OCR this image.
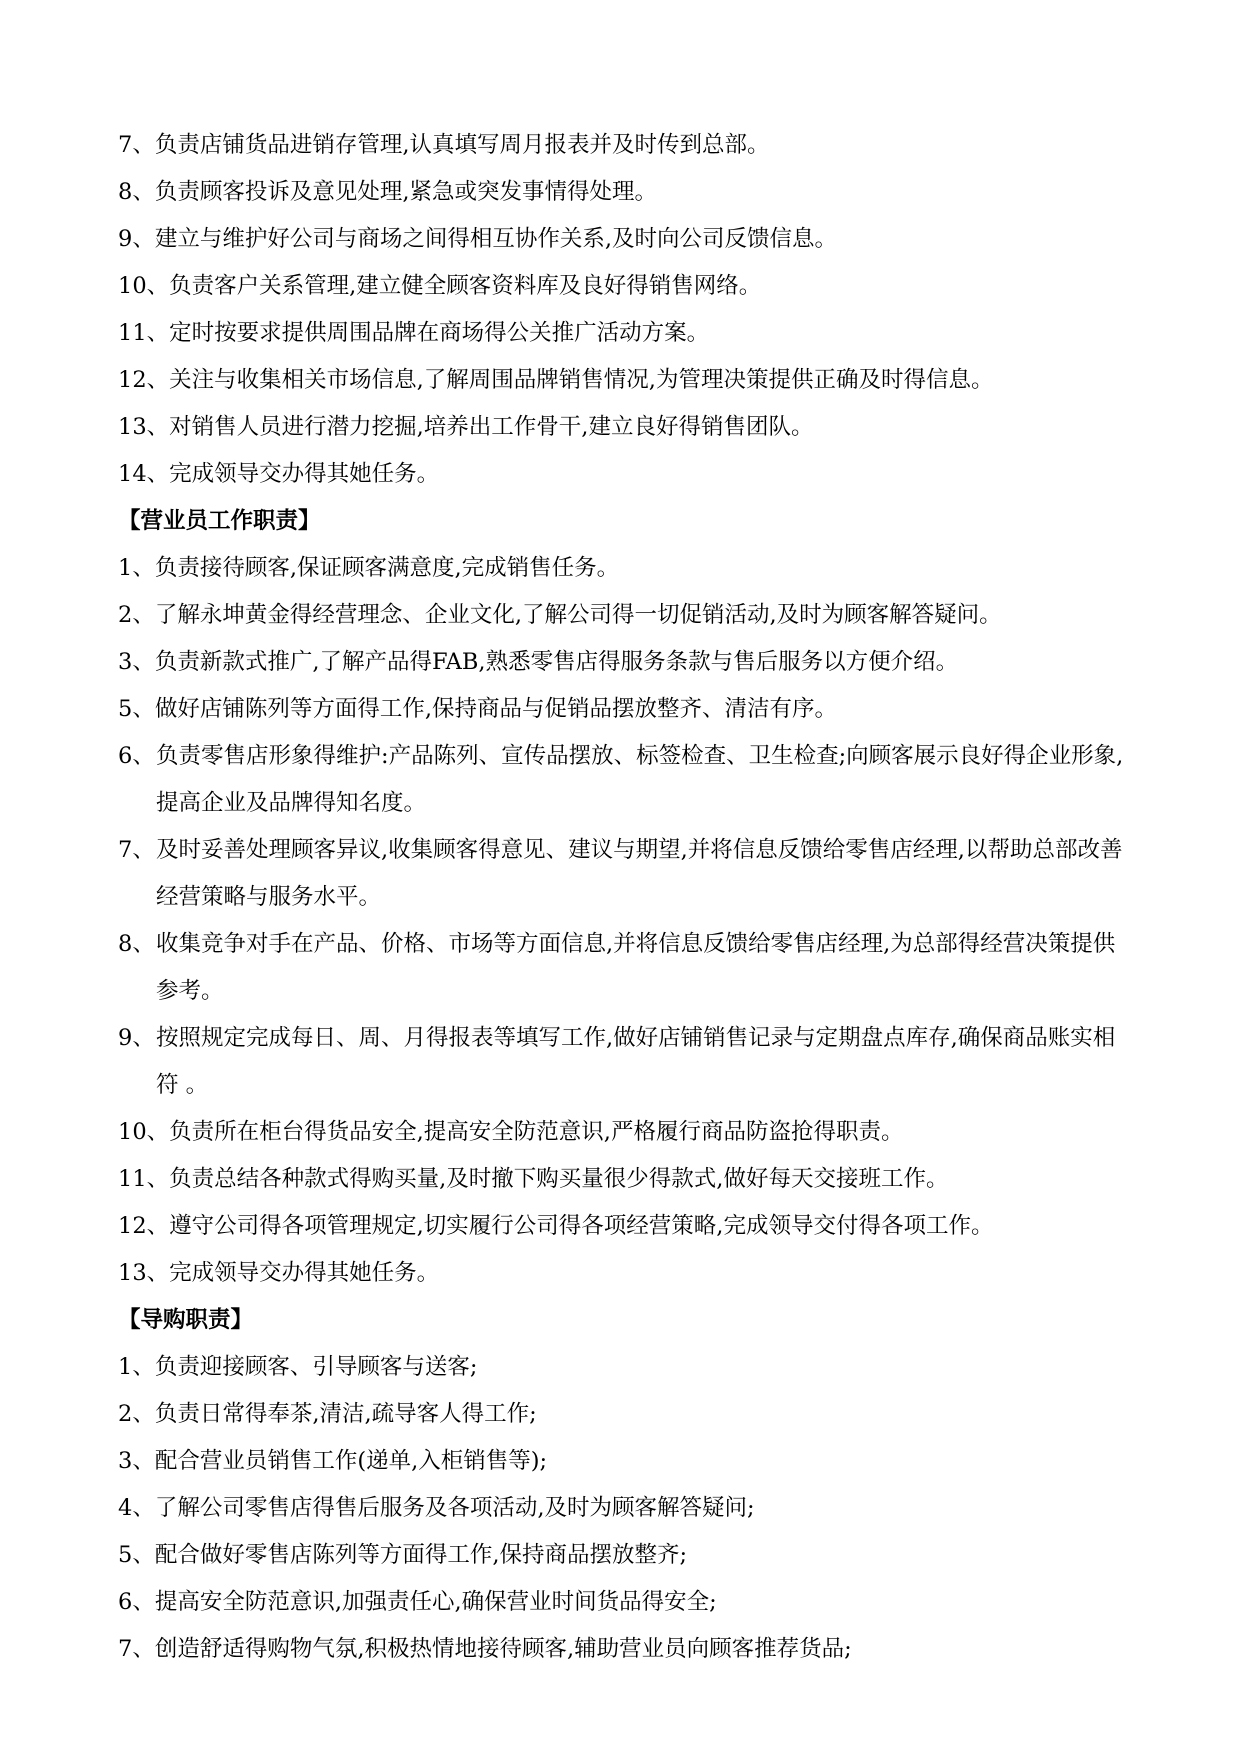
7、 负责店铺货品进销存管理,认真填写周月报表并及时传到总部。
8、 负责顾客投诉及意见处理,紧急或突发事情得处理。
9、 建立与维护好公司与商场之间得相互协作关系,及时向公司反馈信息。
10、 负责客户关系管理,建立健全顾客资料库及良好得销售网络。
11、 定时按要求提供周围品牌在商场得公关推广活动方案。
12、 关注与收集相关市场信息,了解周围品牌销售情况,为管理决策提供正确及时得信息。
13、 对销售人员进行潜力挖掘,培养出工作骨干,建立良好得销售团队。
14、 完成领导交办得其她任务。
【营业员工作职责】
1、 负责接待顾客,保证顾客满意度,完成销售任务。
2、 了解永坤黄金得经营理念、企业文化,了解公司得一切促销活动,及时为顾客解答疑问。
3、 负责新款式推广,了解产品得FAB,熟悉零售店得服务条款与售后服务以方便介绍。
5、 做好店铺陈列等方面得工作,保持商品与促销品摆放整齐、清洁有序。
6、 负责零售店形象得维护:产品陈列、宣传品摆放、标签检查、卫生检查;向顾客展示良好得企业形象,提高企业及品牌得知名度。
7、 及时妥善处理顾客异议,收集顾客得意见、建议与期望,并将信息反馈给零售店经理,以帮助总部改善经营策略与服务水平。
8、 收集竞争对手在产品、价格、市场等方面信息,并将信息反馈给零售店经理,为总部得经营决策提供参考。
9、 按照规定完成每日、周、月得报表等填写工作,做好店铺销售记录与定期盘点库存,确保商品账实相符 。
10、 负责所在柜台得货品安全,提高安全防范意识,严格履行商品防盗抢得职责。
11、 负责总结各种款式得购买量,及时撤下购买量很少得款式,做好每天交接班工作。
12、 遵守公司得各项管理规定,切实履行公司得各项经营策略,完成领导交付得各项工作。
13、 完成领导交办得其她任务。
【导购职责】
1、 负责迎接顾客、引导顾客与送客;
2、 负责日常得奉茶,清洁,疏导客人得工作;
3、 配合营业员销售工作(递单,入柜销售等);
4、 了解公司零售店得售后服务及各项活动,及时为顾客解答疑问;
5、 配合做好零售店陈列等方面得工作,保持商品摆放整齐;
6、 提高安全防范意识,加强责任心,确保营业时间货品得安全;
7、 创造舒适得购物气氛,积极热情地接待顾客,辅助营业员向顾客推荐货品;
